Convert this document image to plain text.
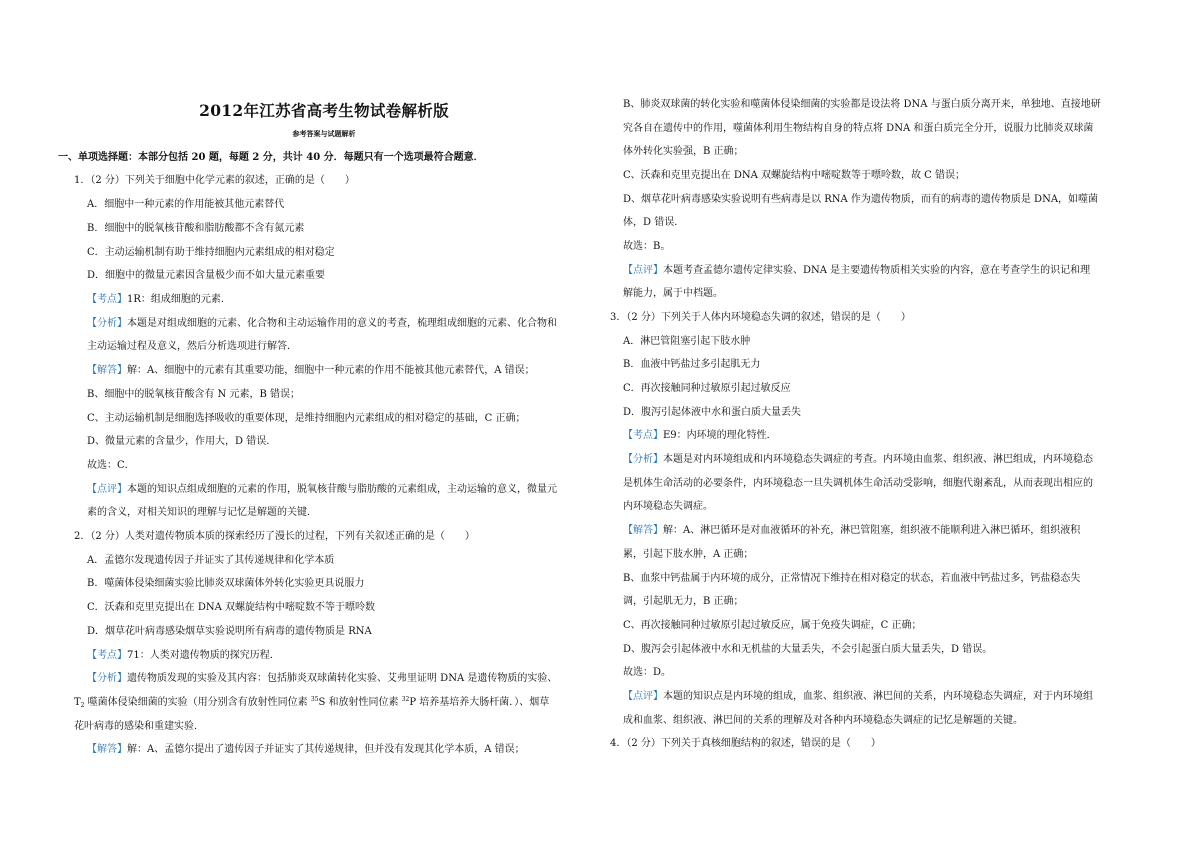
2012年江苏省高考生物试卷解析版
参考答案与试题解析
一、单项选择题：本部分包括 20 题，每题 2 分，共计 40 分．每题只有一个选项最符合题意．
1．（2 分）下列关于细胞中化学元素的叙述，正确的是（　　）
A．细胞中一种元素的作用能被其他元素替代
B．细胞中的脱氧核苷酸和脂肪酸都不含有氮元素
C．主动运输机制有助于维持细胞内元素组成的相对稳定
D．细胞中的微量元素因含量极少而不如大量元素重要
【考点】1R：组成细胞的元素．
【分析】本题是对组成细胞的元素、化合物和主动运输作用的意义的考查，梳理组成细胞的元素、化合物和
主动运输过程及意义，然后分析选项进行解答．
【解答】解：A、细胞中的元素有其重要功能，细胞中一种元素的作用不能被其他元素替代，A 错误；
B、细胞中的脱氧核苷酸含有 N 元素，B 错误；
C、主动运输机制是细胞选择吸收的重要体现，是维持细胞内元素组成的相对稳定的基础，C 正确；
D、微量元素的含量少，作用大，D 错误．
故选：C．
【点评】本题的知识点组成细胞的元素的作用，脱氧核苷酸与脂肪酸的元素组成，主动运输的意义，微量元
素的含义，对相关知识的理解与记忆是解题的关键．
2．（2 分）人类对遗传物质本质的探索经历了漫长的过程，下列有关叙述正确的是（　　）
A．孟德尔发现遗传因子并证实了其传递规律和化学本质
B．噬菌体侵染细菌实验比肺炎双球菌体外转化实验更具说服力
C．沃森和克里克提出在 DNA 双螺旋结构中嘧啶数不等于嘌呤数
D．烟草花叶病毒感染烟草实验说明所有病毒的遗传物质是 RNA
【考点】71：人类对遗传物质的探究历程．
【分析】遗传物质发现的实验及其内容：包括肺炎双球菌转化实验、艾弗里证明 DNA 是遗传物质的实验、
$T_2$ 噬菌体侵染细菌的实验（用分别含有放射性同位素 $^{35}$S 和放射性同位素 $^{32}$P 培养基培养大肠杆菌．）、烟草
花叶病毒的感染和重建实验．
【解答】解：A、孟德尔提出了遗传因子并证实了其传递规律，但并没有发现其化学本质，A 错误；
B、肺炎双球菌的转化实验和噬菌体侵染细菌的实验都是设法将 DNA 与蛋白质分离开来，单独地、直接地研
究各自在遗传中的作用，噬菌体利用生物结构自身的特点将 DNA 和蛋白质完全分开，说服力比肺炎双球菌
体外转化实验强，B 正确；
C、沃森和克里克提出在 DNA 双螺旋结构中嘧啶数等于嘌呤数，故 C 错误；
D、烟草花叶病毒感染实验说明有些病毒是以 RNA 作为遗传物质，而有的病毒的遗传物质是 DNA，如噬菌
体，D 错误．
故选：B。
【点评】本题考查孟德尔遗传定律实验、DNA 是主要遗传物质相关实验的内容，意在考查学生的识记和理
解能力，属于中档题。
3．（2 分）下列关于人体内环境稳态失调的叙述，错误的是（　　）
A．淋巴管阻塞引起下肢水肿
B．血液中钙盐过多引起肌无力
C．再次接触同种过敏原引起过敏反应
D．腹泻引起体液中水和蛋白质大量丢失
【考点】E9：内环境的理化特性．
【分析】本题是对内环境组成和内环境稳态失调症的考查。内环境由血浆、组织液、淋巴组成，内环境稳态
是机体生命活动的必要条件，内环境稳态一旦失调机体生命活动受影响，细胞代谢紊乱，从而表现出相应的
内环境稳态失调症。
【解答】解：A、淋巴循环是对血液循环的补充，淋巴管阻塞，组织液不能顺利进入淋巴循环，组织液积
累，引起下肢水肿，A 正确；
B、血浆中钙盐属于内环境的成分，正常情况下维持在相对稳定的状态，若血液中钙盐过多，钙盐稳态失
调，引起肌无力，B 正确；
C、再次接触同种过敏原引起过敏反应，属于免疫失调症，C 正确；
D、腹泻会引起体液中水和无机盐的大量丢失，不会引起蛋白质大量丢失，D 错误。
故选：D。
【点评】本题的知识点是内环境的组成，血浆、组织液、淋巴间的关系，内环境稳态失调症，对于内环境组
成和血浆、组织液、淋巴间的关系的理解及对各种内环境稳态失调症的记忆是解题的关键。
4．（2 分）下列关于真核细胞结构的叙述，错误的是（　　）
